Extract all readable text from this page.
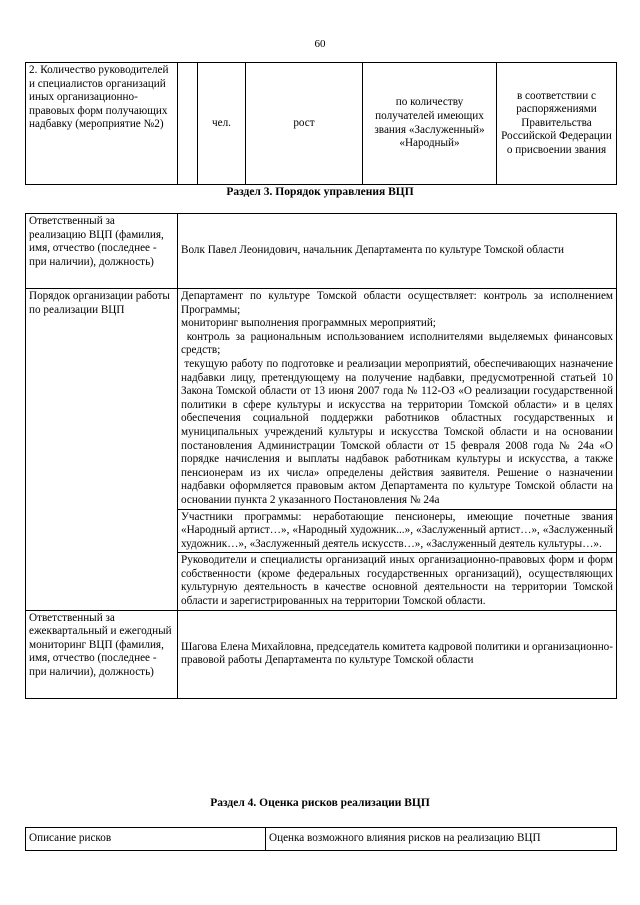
60
2. Количество руководителей и специалистов организаций иных организационно-правовых форм получающих надбавку (мероприятие №2)		чел.	рост	по количеству получателей имеющих звания «Заслуженный» «Народный»	в соответствии с распоряжениями Правительства Российской Федерации о присвоении звания
Раздел 3. Порядок управления ВЦП
Ответственный за реализацию ВЦП (фамилия, имя, отчество (последнее - при наличии), должность)	Волк Павел Леонидович, начальник Департамента по культуре Томской области
Порядок организации работы по реализации ВЦП	Департамент по культуре Томской области осуществляет: контроль за исполнением Программы;
мониторинг выполнения программных мероприятий;
контроль за рациональным использованием исполнителями выделяемых финансовых средств;
текущую работу по подготовке и реализации мероприятий, обеспечивающих назначение надбавки лицу, претендующему на получение надбавки, предусмотренной статьей 10 Закона Томской области от 13 июня 2007 года № 112-ОЗ «О реализации государственной политики в сфере культуры и искусства на территории Томской области» и в целях обеспечения социальной поддержки работников областных государственных и муниципальных учреждений культуры и искусства Томской области и на основании постановления Администрации Томской области от 15 февраля 2008 года № 24а «О порядке начисления и выплаты надбавок работникам культуры и искусства, а также пенсионерам из их числа» определены действия заявителя. Решение о назначении надбавки оформляется правовым актом Департамента по культуре Томской области на основании пункта 2 указанного Постановления № 24а

	Участники программы: неработающие пенсионеры, имеющие почетные звания «Народный артист…», «Народный художник...», «Заслуженный артист…», «Заслуженный художник…», «Заслуженный деятель искусств…», «Заслуженный деятель культуры…».
	Руководители и специалисты организаций иных организационно-правовых форм и форм собственности (кроме федеральных государственных организаций), осуществляющих культурную деятельность в качестве основной деятельности на территории Томской области и зарегистрированных на территории Томской области.
Ответственный за ежеквартальный и ежегодный мониторинг ВЦП (фамилия, имя, отчество (последнее - при наличии), должность)	Шагова Елена Михайловна, председатель комитета кадровой политики и организационно-правовой работы Департамента по культуре Томской области
Раздел 4. Оценка рисков реализации ВЦП
Описание рисков	Оценка возможного влияния рисков на реализацию ВЦП
